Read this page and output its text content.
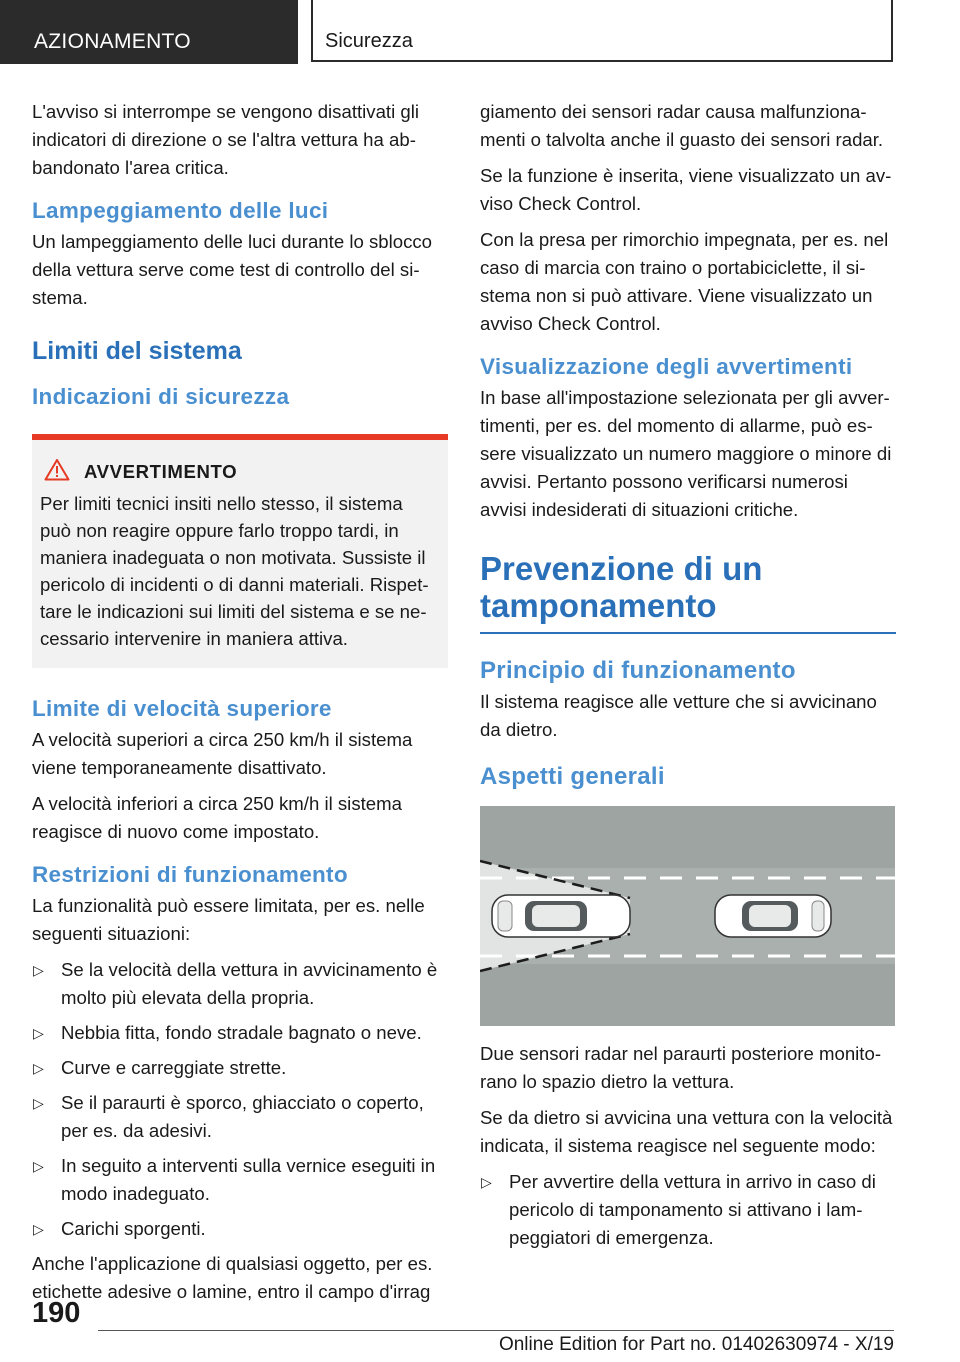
AZIONAMENTO	Sicurezza

L'avviso si interrompe se vengono disattivati gli indicatori di direzione o se l'altra vettura ha abbandonato l'area critica.

Lampeggiamento delle luci

Un lampeggiamento delle luci durante lo sblocco della vettura serve come test di controllo del sistema.

Limiti del sistema
Indicazioni di sicurezza
AVVERTIMENTO

Per limiti tecnici insiti nello stesso, il sistema può non reagire oppure farlo troppo tardi, in maniera inadeguata o non motivata. Sussiste il pericolo di incidenti o di danni materiali. Rispettare le indicazioni sui limiti del sistema e se necessario intervenire in maniera attiva.

Limite di velocità superiore

A velocità superiori a circa 250 km/h il sistema viene temporaneamente disattivato.

A velocità inferiori a circa 250 km/h il sistema reagisce di nuovo come impostato.

Restrizioni di funzionamento

La funzionalità può essere limitata, per es. nelle seguenti situazioni:

▷ Se la velocità della vettura in avvicinamento è molto più elevata della propria.
▷ Nebbia fitta, fondo stradale bagnato o neve.
▷ Curve e carreggiate strette.
▷ Se il paraurti è sporco, ghiacciato o coperto, per es. da adesivi.
▷ In seguito a interventi sulla vernice eseguiti in modo inadeguato.
▷ Carichi sporgenti.

Anche l'applicazione di qualsiasi oggetto, per es. etichette adesive o lamine, entro il campo d'irrag

giamento dei sensori radar causa malfunzionamenti o talvolta anche il guasto dei sensori radar.

Se la funzione è inserita, viene visualizzato un avviso Check Control.

Con la presa per rimorchio impegnata, per es. nel caso di marcia con traino o portabiciclette, il sistema non si può attivare. Viene visualizzato un avviso Check Control.

Visualizzazione degli avvertimenti

In base all'impostazione selezionata per gli avvertimenti, per es. del momento di allarme, può essere visualizzato un numero maggiore o minore di avvisi. Pertanto possono verificarsi numerosi avvisi indesiderati di situazioni critiche.

Prevenzione di un tamponamento
Principio di funzionamento

Il sistema reagisce alle vetture che si avvicinano da dietro.

Aspetti generali

Due sensori radar nel paraurti posteriore monitorano lo spazio dietro la vettura.

Se da dietro si avvicina una vettura con la velocità indicata, il sistema reagisce nel seguente modo:

▷ Per avvertire della vettura in arrivo in caso di pericolo di tamponamento si attivano i lampeggiatori di emergenza.
190
Online Edition for Part no. 01402630974 - X/19
